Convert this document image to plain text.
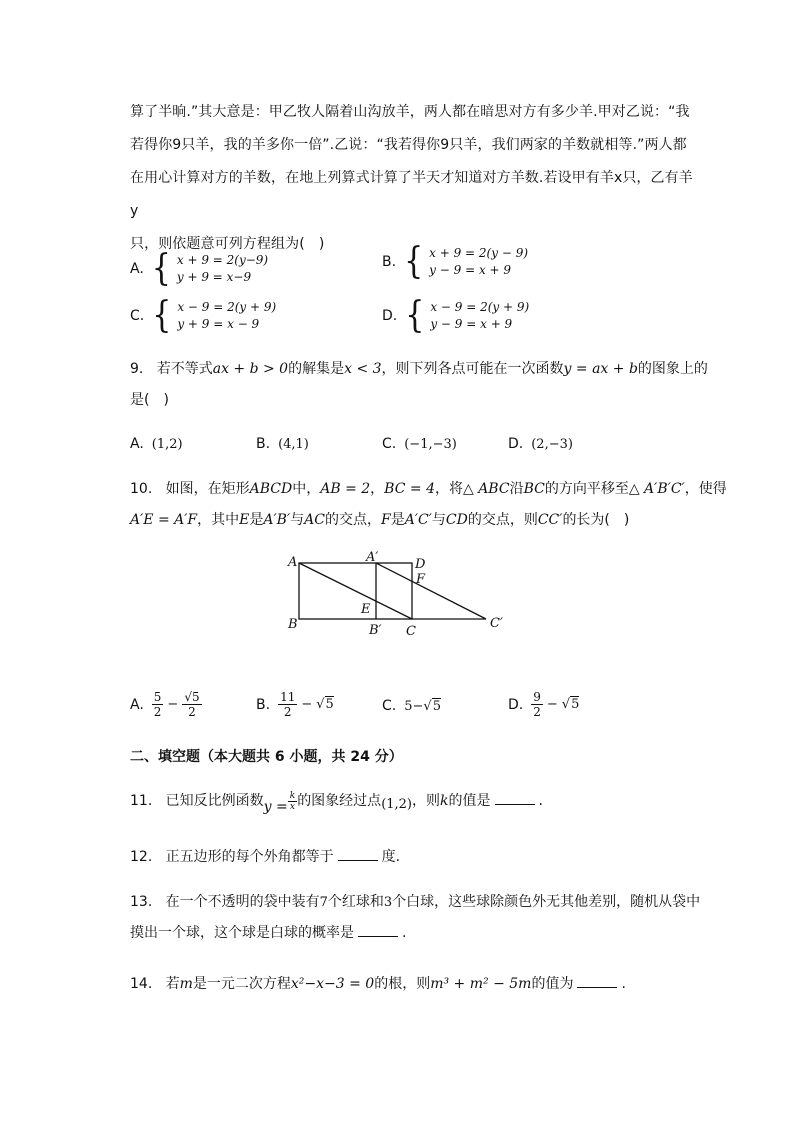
算了半晌.”其大意是：甲乙牧人隔着山沟放羊，两人都在暗思对方有多少羊.甲对乙说：“我
若得你9只羊，我的羊多你一倍”.乙说：“我若得你9只羊，我们两家的羊数就相等.”两人都
在用心计算对方的羊数，在地上列算式计算了半天才知道对方羊数.若设甲有羊x只，乙有羊y
只，则依题意可列方程组为(　)
A. { x + 9 = 2(y−9)
y + 9 = x−9
B. { x + 9 = 2(y − 9)
y − 9 = x + 9
C. { x − 9 = 2(y + 9)
y + 9 = x − 9	D. { x − 9 = 2(y + 9)
y − 9 = x + 9
9. 若不等式ax + b > 0的解集是x < 3，则下列各点可能在一次函数y = ax + b的图象上的
是(　)
A. (1,2)	B. (4,1)	C. (−1,−3)	D. (2,−3)
10. 如图，在矩形ABCD中，AB = 2，BC = 4，将△ ABC沿BC的方向平移至△ A′B′C′，使得
A′E = A′F，其中E是A′B′与AC的交点，F是A′C′与CD的交点，则CC′的长为(　)
A	A′	D
F
E
B	B′ C
C′
A. $\frac{5}{2} - \frac{√5}{2}$	B. $\frac{11}{2} - √5$	C. 5− √5	D. $\frac{9}{2} - √5$
二、填空题（本大题共 6 小题，共 24 分）
11. 已知反比例函数$y = \frac{k}{x}$ 的图象经过点(1,2)，则k的值是	.
12. 正五边形的每个外角都等于	度.
13. 在一个不透明的袋中装有7个红球和3个白球，这些球除颜色外无其他差别，随机从袋中
摸出一个球，这个球是白球的概率是	.
14. 若m是一元二次方程x²−x−3 = 0的根，则m³ + m² − 5m的值为	.
